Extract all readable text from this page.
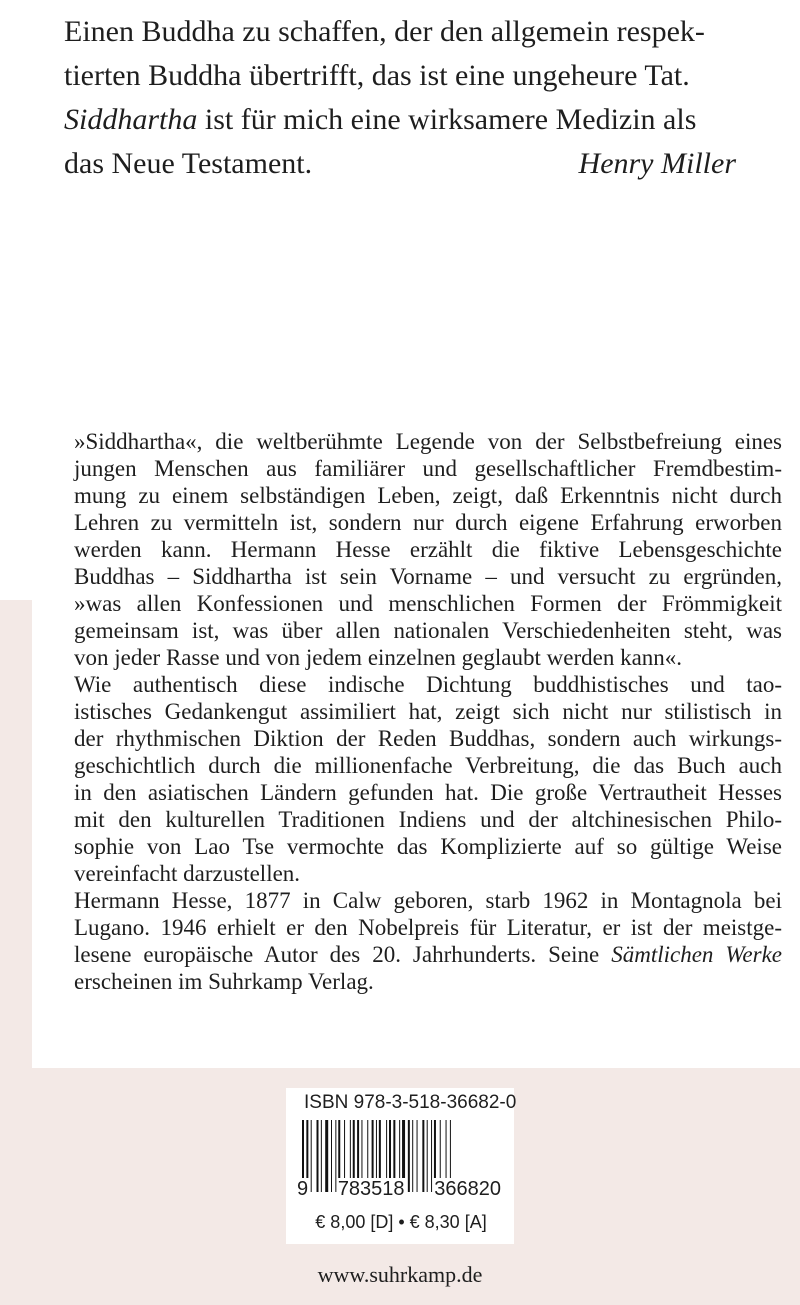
Einen Buddha zu schaffen, der den allgemein respek-
tierten Buddha übertrifft, das ist eine ungeheure Tat.
Siddhartha ist für mich eine wirksamere Medizin als
das Neue Testament.	Henry Miller
»Siddhartha«, die weltberühmte Legende von der Selbstbefreiung eines
jungen Menschen aus familiärer und gesellschaftlicher Fremdbestim-
mung zu einem selbständigen Leben, zeigt, daß Erkenntnis nicht durch
Lehren zu vermitteln ist, sondern nur durch eigene Erfahrung erworben
werden kann. Hermann Hesse erzählt die fiktive Lebensgeschichte
Buddhas – Siddhartha ist sein Vorname – und versucht zu ergründen,
»was allen Konfessionen und menschlichen Formen der Frömmigkeit
gemeinsam ist, was über allen nationalen Verschiedenheiten steht, was
von jeder Rasse und von jedem einzelnen geglaubt werden kann«.
Wie authentisch diese indische Dichtung buddhistisches und tao-
istisches Gedankengut assimiliert hat, zeigt sich nicht nur stilistisch in
der rhythmischen Diktion der Reden Buddhas, sondern auch wirkungs-
geschichtlich durch die millionenfache Verbreitung, die das Buch auch
in den asiatischen Ländern gefunden hat. Die große Vertrautheit Hesses
mit den kulturellen Traditionen Indiens und der altchinesischen Philo-
sophie von Lao Tse vermochte das Komplizierte auf so gültige Weise
vereinfacht darzustellen.
Hermann Hesse, 1877 in Calw geboren, starb 1962 in Montagnola bei
Lugano. 1946 erhielt er den Nobelpreis für Literatur, er ist der meistge-
lesene europäische Autor des 20. Jahrhunderts. Seine Sämtlichen Werke
erscheinen im Suhrkamp Verlag.
ISBN 978-3-518-36682-0
9 783518 366820
€ 8,00 [D] • € 8,30 [A]
www.suhrkamp.de
